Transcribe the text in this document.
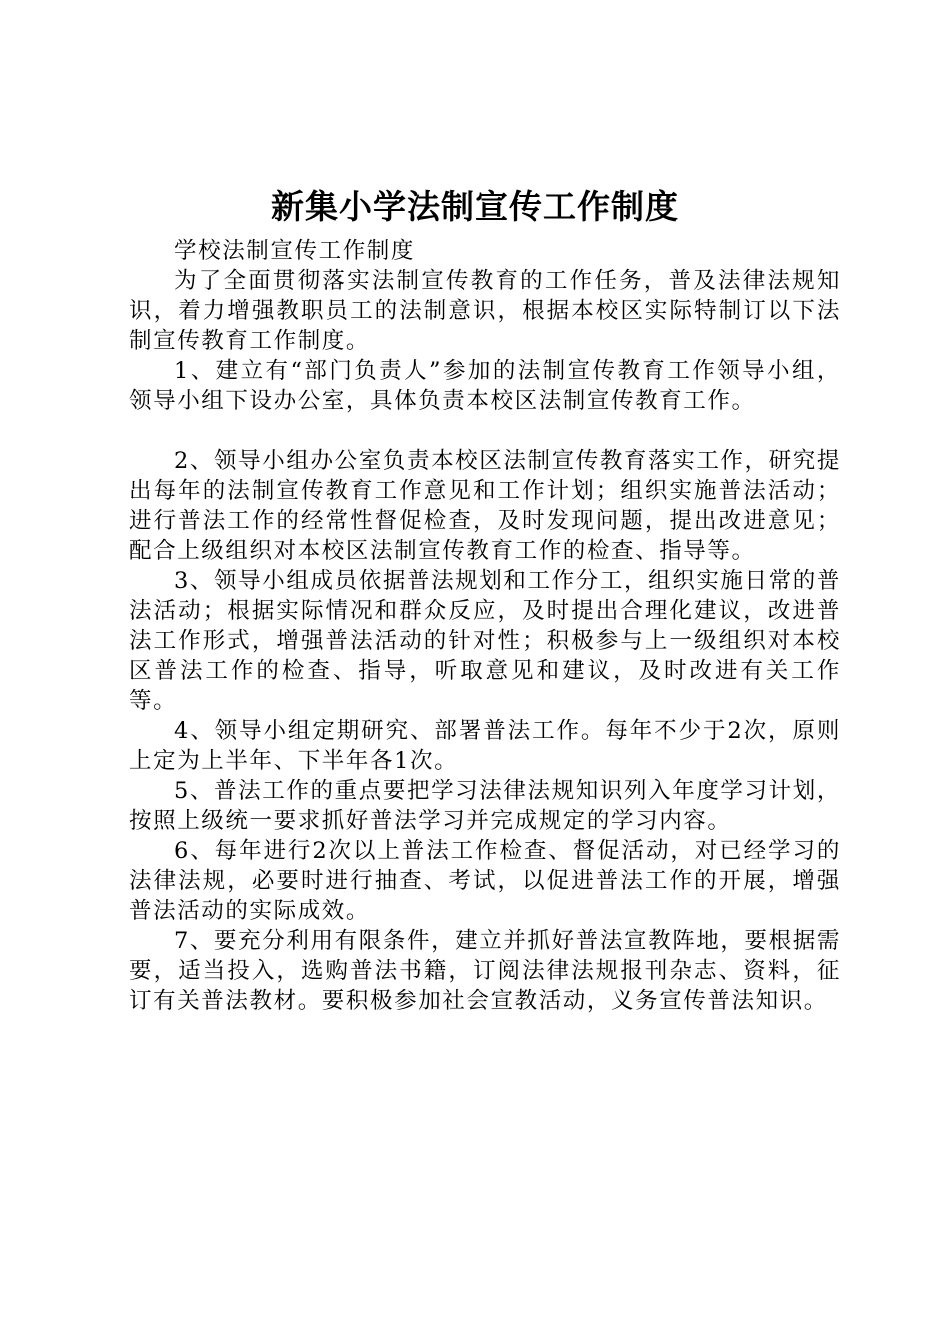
新集小学法制宣传工作制度

学校法制宣传工作制度

为了全面贯彻落实法制宣传教育的工作任务，普及法律法规知识，着力增强教职员工的法制意识，根据本校区实际特制订以下法制宣传教育工作制度。

1、建立有“部门负责人”参加的法制宣传教育工作领导小组，领导小组下设办公室，具体负责本校区法制宣传教育工作。

2、领导小组办公室负责本校区法制宣传教育落实工作，研究提出每年的法制宣传教育工作意见和工作计划；组织实施普法活动；进行普法工作的经常性督促检查，及时发现问题，提出改进意见；配合上级组织对本校区法制宣传教育工作的检查、指导等。

3、领导小组成员依据普法规划和工作分工，组织实施日常的普法活动；根据实际情况和群众反应，及时提出合理化建议，改进普法工作形式，增强普法活动的针对性；积极参与上一级组织对本校区普法工作的检查、指导，听取意见和建议，及时改进有关工作等。

4、领导小组定期研究、部署普法工作。每年不少于2次，原则上定为上半年、下半年各1次。

5、普法工作的重点要把学习法律法规知识列入年度学习计划，按照上级统一要求抓好普法学习并完成规定的学习内容。

6、每年进行2次以上普法工作检查、督促活动，对已经学习的法律法规，必要时进行抽查、考试，以促进普法工作的开展，增强普法活动的实际成效。

7、要充分利用有限条件，建立并抓好普法宣教阵地，要根据需要，适当投入，选购普法书籍，订阅法律法规报刊杂志、资料，征订有关普法教材。要积极参加社会宣教活动，义务宣传普法知识。
